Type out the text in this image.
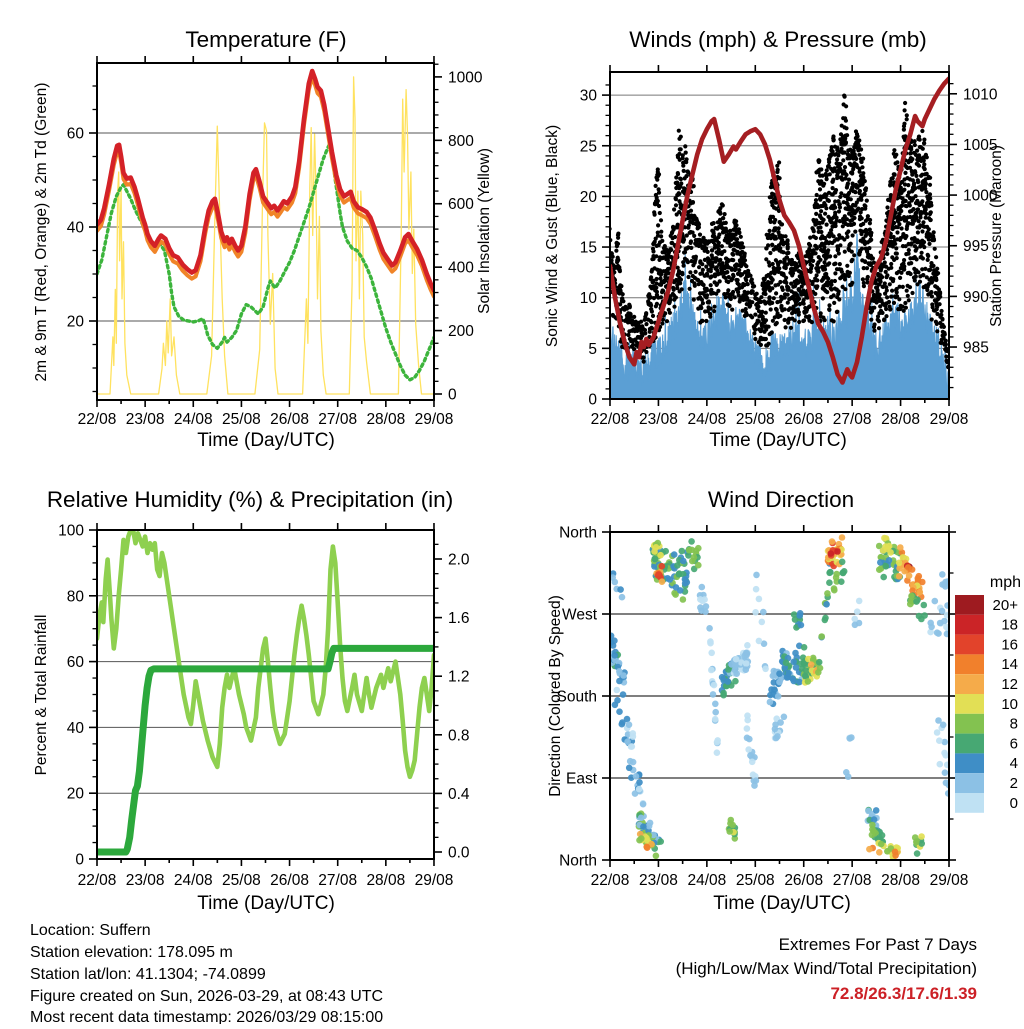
22/08 23/08 24/08 25/08 26/08 27/08 28/08 29/08
20
40
60
0
200
400
600
800
1000
22/08 23/08 24/08 25/08 26/08 27/08 28/08 29/08
0
5
10
15
20
25
30
985
990
995
1000
1005
1010
22/08 23/08 24/08 25/08 26/08 27/08 28/08 29/08
0
20
40
60
80
100
0.0
0.4
0.8
1.2
1.6
2.0
22/08 23/08 24/08 25/08 26/08 27/08 28/08 29/08
North
West
South
East
North
20+
18
16
14
12
10
8
6
4
2
0
Temperature (F)	Winds (mph) & Pressure (mb)
Relative Humidity (%) & Precipitation (in)	Wind Direction
2m & 9m T (Red, Orange) & 2m Td (Green)	Solar Insolation (Yellow)	Sonic Wind & Gust (Blue, Black)	Station Pressure (Maroon)
Percent & Total Rainfall	Direction (Colored By Speed)
Time (Day/UTC)	Time (Day/UTC)
Time (Day/UTC)	Time (Day/UTC)
mph
Location: Suffern
Station elevation: 178.095 m
Station lat/lon: 41.1304; -74.0899
Figure created on Sun, 2026-03-29, at 08:43 UTC
Most recent data timestamp: 2026/03/29 08:15:00
Extremes For Past 7 Days
(High/Low/Max Wind/Total Precipitation)
72.8/26.3/17.6/1.39
